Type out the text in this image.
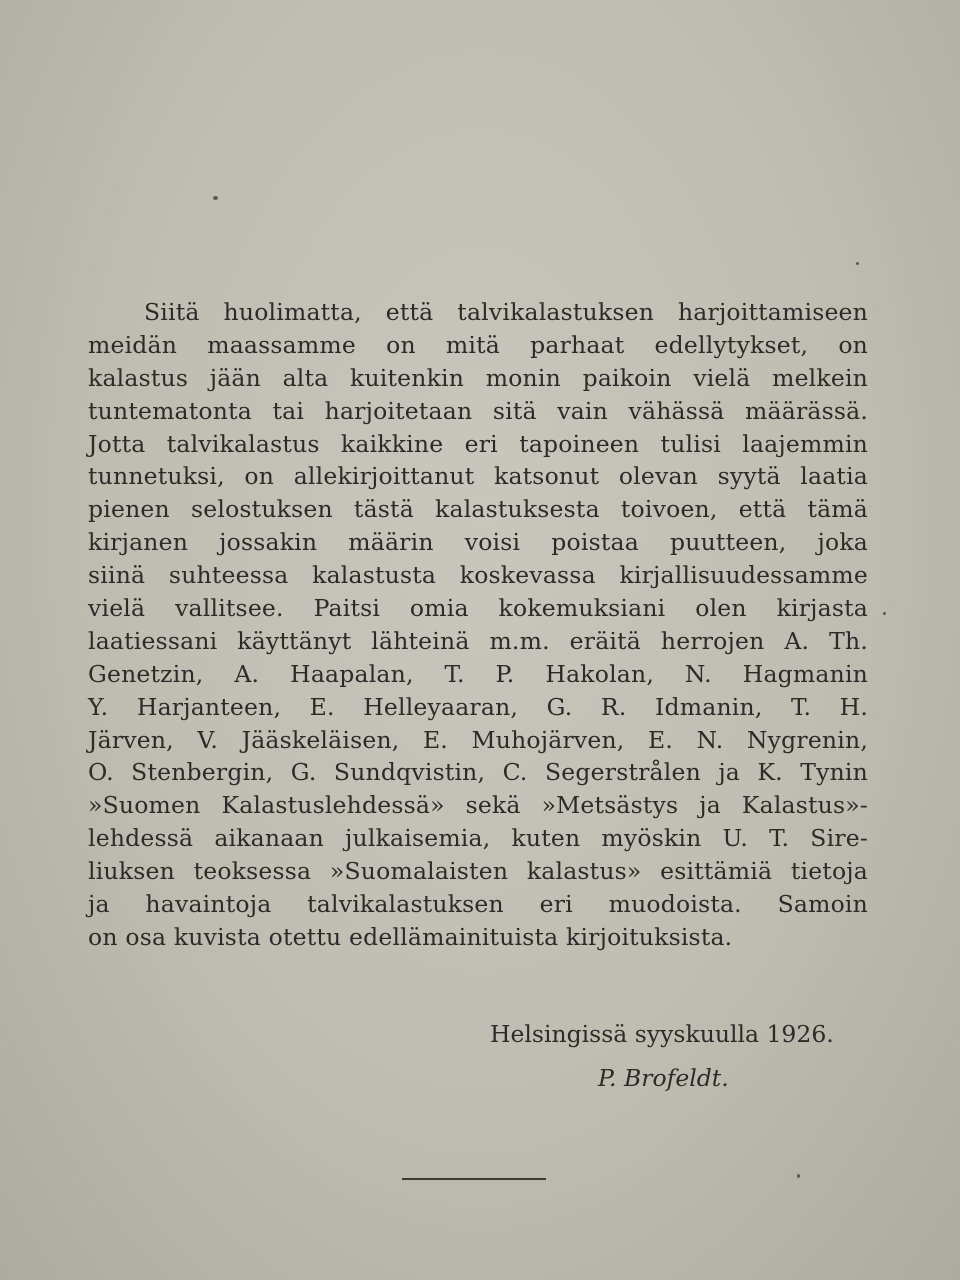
Siitä huolimatta, että talvikalastuksen harjoittamiseen
meidän maassamme on mitä parhaat edellytykset, on
kalastus jään alta kuitenkin monin paikoin vielä melkein
tuntematonta tai harjoitetaan sitä vain vähässä määrässä.
Jotta talvikalastus kaikkine eri tapoineen tulisi laajemmin
tunnetuksi, on allekirjoittanut katsonut olevan syytä laatia
pienen selostuksen tästä kalastuksesta toivoen, että tämä
kirjanen jossakin määrin voisi poistaa puutteen, joka
siinä suhteessa kalastusta koskevassa kirjallisuudessamme
vielä vallitsee. Paitsi omia kokemuksiani olen kirjasta
laatiessani käyttänyt lähteinä m.m. eräitä herrojen A. Th.
Genetzin, A. Haapalan, T. P. Hakolan, N. Hagmanin
Y. Harjanteen, E. Helleyaaran, G. R. Idmanin, T. H.
Järven, V. Jääskeläisen, E. Muhojärven, E. N. Nygrenin,
O. Stenbergin, G. Sundqvistin, C. Segerstrålen ja K. Tynin
»Suomen Kalastuslehdessä» sekä »Metsästys ja Kalastus»-
lehdessä aikanaan julkaisemia, kuten myöskin U. T. Sire-
liuksen teoksessa »Suomalaisten kalastus» esittämiä tietoja
ja havaintoja talvikalastuksen eri muodoista. Samoin
on osa kuvista otettu edellämainituista kirjoituksista.
Helsingissä syyskuulla 1926.
P. Brofeldt.
